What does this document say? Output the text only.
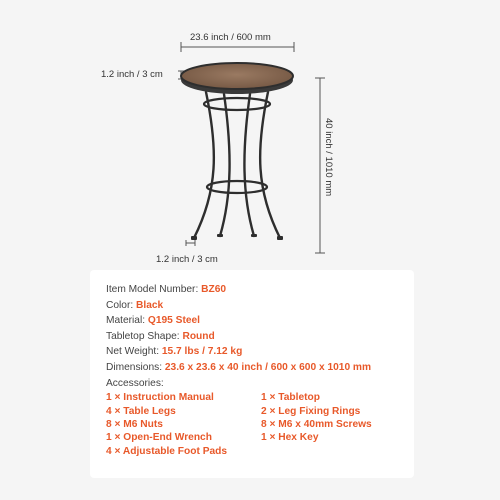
23.6 inch / 600 mm
1.2 inch / 3 cm
1.2 inch / 3 cm
40 inch / 1010 mm
Item Model Number: BZ60
Color: Black
Material: Q195 Steel
Tabletop Shape: Round
Net Weight: 15.7 lbs / 7.12 kg
Dimensions: 23.6 x 23.6 x 40 inch / 600 x 600 x 1010 mm
Accessories:
1 × Instruction Manual	1 × Tabletop
4 × Table Legs	2 × Leg Fixing Rings
8 × M6 Nuts	8 × M6 x 40mm Screws
1 × Open-End Wrench	1 × Hex Key
4 × Adjustable Foot Pads
